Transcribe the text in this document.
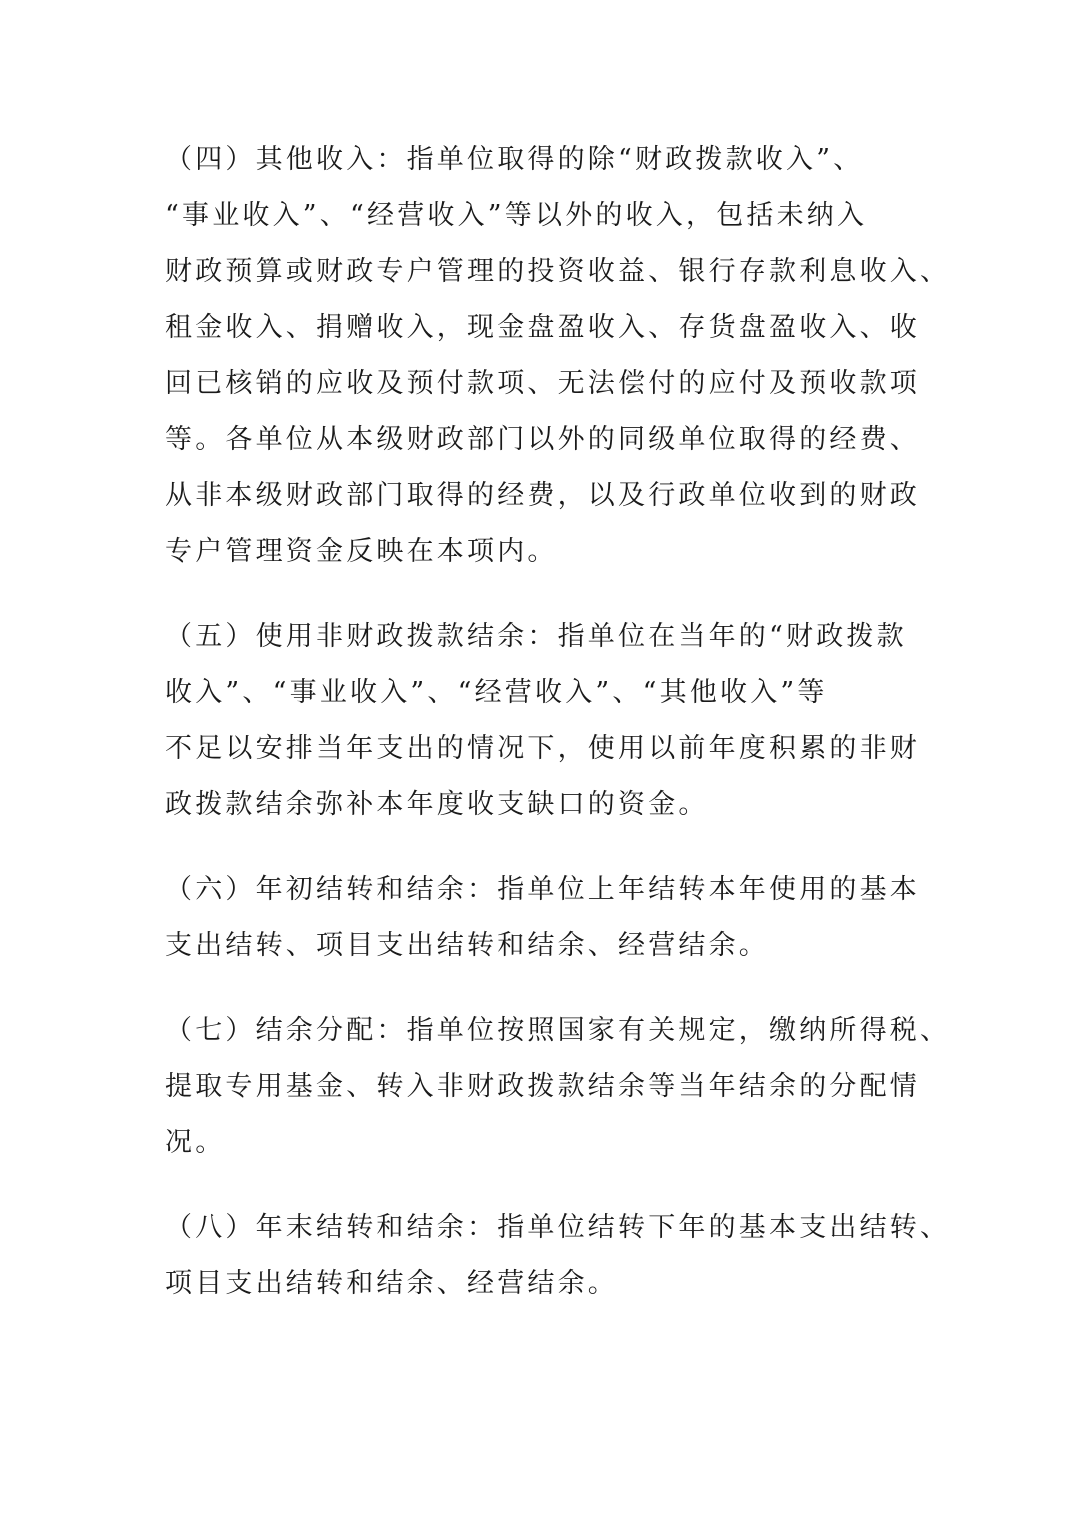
（四）其他收入：指单位取得的除“财政拨款收入”、
“事业收入”、“经营收入”等以外的收入，包括未纳入
财政预算或财政专户管理的投资收益、银行存款利息收入、
租金收入、捐赠收入，现金盘盈收入、存货盘盈收入、收
回已核销的应收及预付款项、无法偿付的应付及预收款项
等。各单位从本级财政部门以外的同级单位取得的经费、
从非本级财政部门取得的经费，以及行政单位收到的财政
专户管理资金反映在本项内。
（五）使用非财政拨款结余：指单位在当年的“财政拨款
收入”、“事业收入”、“经营收入”、“其他收入”等
不足以安排当年支出的情况下，使用以前年度积累的非财
政拨款结余弥补本年度收支缺口的资金。
（六）年初结转和结余：指单位上年结转本年使用的基本
支出结转、项目支出结转和结余、经营结余。
（七）结余分配：指单位按照国家有关规定，缴纳所得税、
提取专用基金、转入非财政拨款结余等当年结余的分配情
况。
（八）年末结转和结余：指单位结转下年的基本支出结转、
项目支出结转和结余、经营结余。
